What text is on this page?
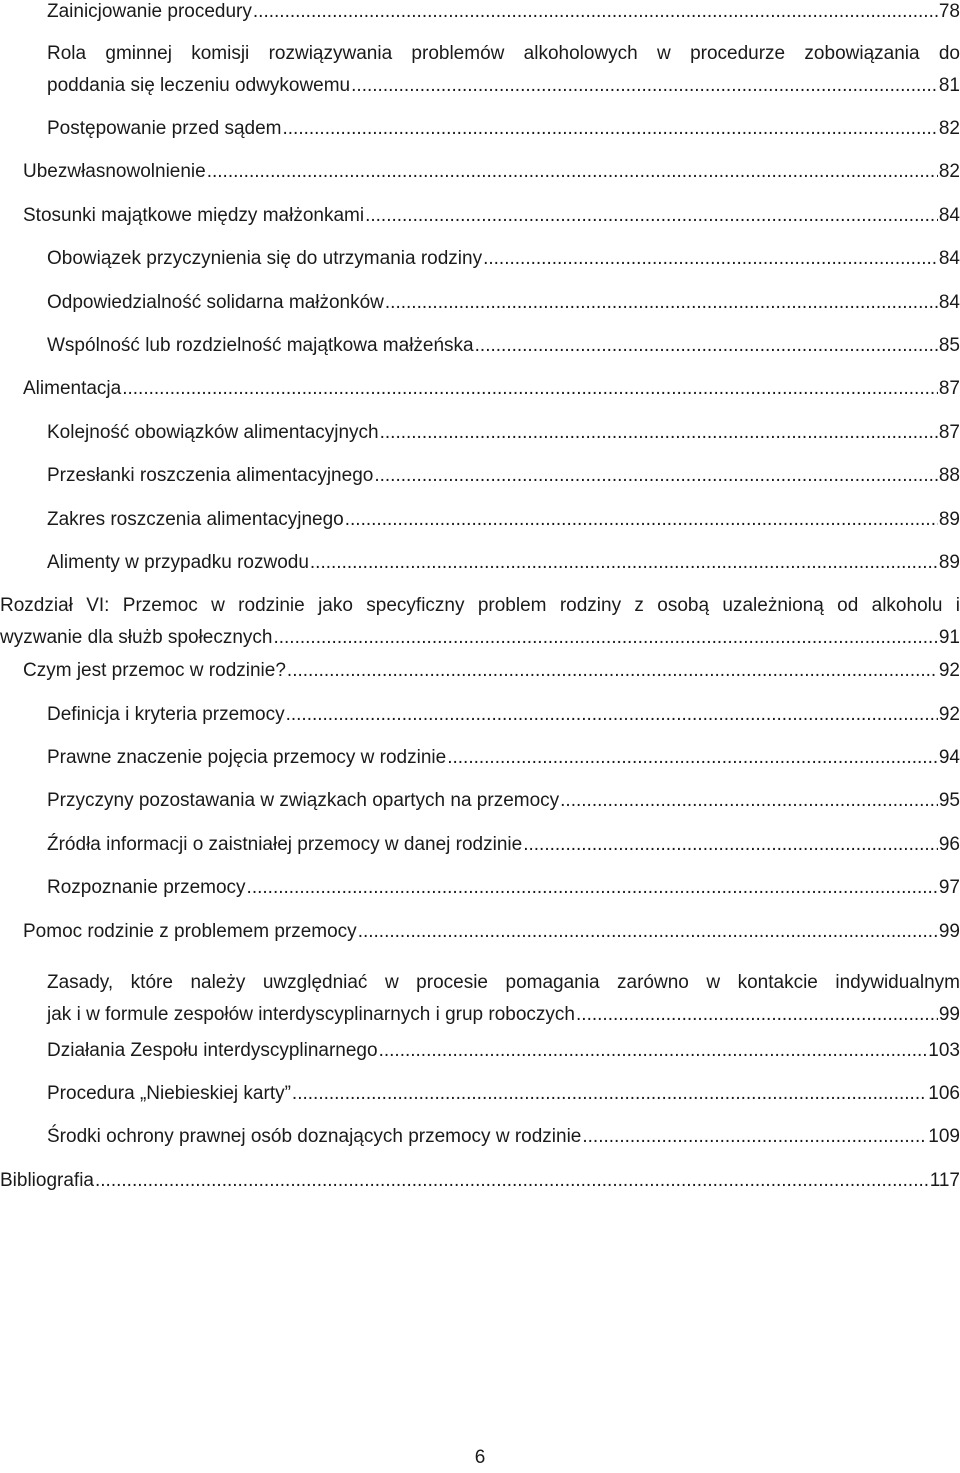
Zainicjowanie procedury .....	78
Rola gminnej komisji rozwiązywania problemów alkoholowych w procedurze zobowiązania do
poddania się leczeniu odwykowemu .....	81
Postępowanie przed sądem .....	82
Ubezwłasnowolnienie .....	82
Stosunki majątkowe między małżonkami .....	84
Obowiązek przyczynienia się do utrzymania rodziny .....	84
Odpowiedzialność solidarna małżonków .....	84
Wspólność lub rozdzielność majątkowa małżeńska .....	85
Alimentacja .....	87
Kolejność obowiązków alimentacyjnych .....	87
Przesłanki roszczenia alimentacyjnego .....	88
Zakres roszczenia alimentacyjnego .....	89
Alimenty w przypadku rozwodu .....	89
Rozdział VI: Przemoc w rodzinie jako specyficzny problem rodziny z osobą uzależnioną od alkoholu i
wyzwanie dla służb społecznych .....	91
Czym jest przemoc w rodzinie? .....	92
Definicja i kryteria przemocy .....	92
Prawne znaczenie pojęcia przemocy w rodzinie .....	94
Przyczyny pozostawania w związkach opartych na przemocy .....	95
Źródła informacji o zaistniałej przemocy w danej rodzinie .....	96
Rozpoznanie przemocy .....	97
Pomoc rodzinie z problemem przemocy .....	99
Zasady, które należy uwzględniać w procesie pomagania zarówno w kontakcie indywidualnym
jak i w formule zespołów interdyscyplinarnych i grup roboczych .....	99
Działania Zespołu interdyscyplinarnego .....	103
Procedura „Niebieskiej karty” .....	106
Środki ochrony prawnej osób doznających przemocy w rodzinie .....	109
Bibliografia .....	117
6
